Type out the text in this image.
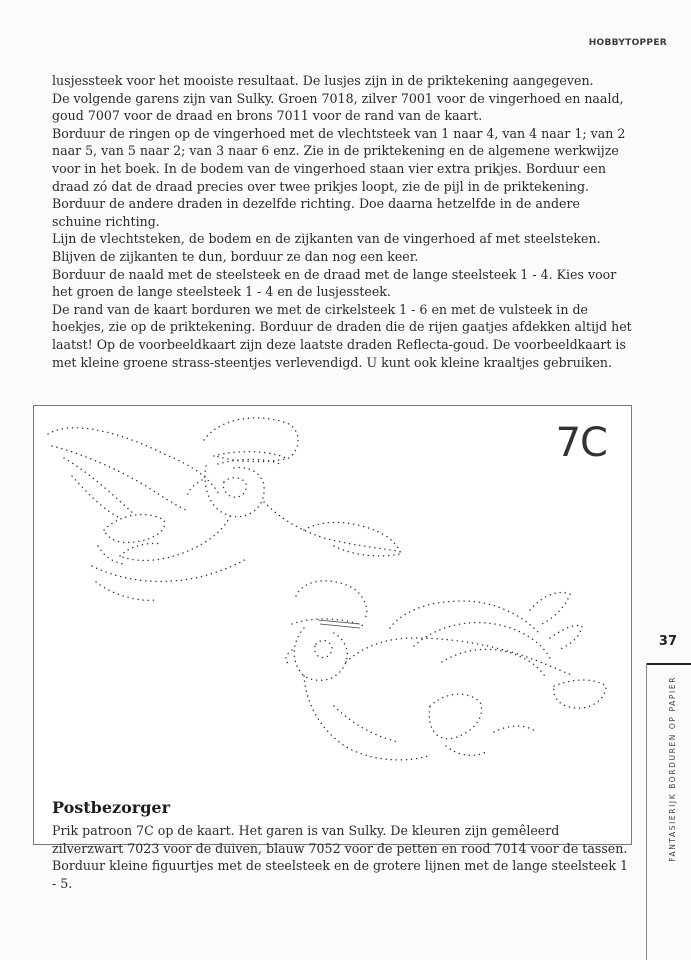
HOBBYTOPPER

lusjessteek voor het mooiste resultaat. De lusjes zijn in de priktekening aangegeven.

De volgende garens zijn van Sulky. Groen 7018, zilver 7001 voor de vingerhoed en naald, goud 7007 voor de draad en brons 7011 voor de rand van de kaart.

Borduur de ringen op de vingerhoed met de vlechtsteek van 1 naar 4, van 4 naar 1; van 2 naar 5, van 5 naar 2; van 3 naar 6 enz. Zie in de priktekening en de algemene werkwijze voor in het boek. In de bodem van de vingerhoed staan vier extra prikjes. Borduur een draad zó dat de draad precies over twee prikjes loopt, zie de pijl in de priktekening.

Borduur de andere draden in dezelfde richting. Doe daarna hetzelfde in de andere schuine richting.

Lijn de vlechtsteken, de bodem en de zijkanten van de vingerhoed af met steelsteken.

Blijven de zijkanten te dun, borduur ze dan nog een keer.

Borduur de naald met de steelsteek en de draad met de lange steelsteek 1 - 4. Kies voor het groen de lange steelsteek 1 - 4 en de lusjessteek.

De rand van de kaart borduren we met de cirkelsteek 1 - 6 en met de vulsteek in de hoekjes, zie op de priktekening. Borduur de draden die de rijen gaatjes afdekken altijd het laatst! Op de voorbeeldkaart zijn deze laatste draden Reflecta-goud. De voorbeeldkaart is met kleine groene strass-steentjes verlevendigd. U kunt ook kleine kraaltjes gebruiken.

7C
Postbezorger
Prik patroon 7C op de kaart. Het garen is van Sulky. De kleuren zijn gemêleerd zilverzwart 7023 voor de duiven, blauw 7052 voor de petten en rood 7014 voor de tassen. Borduur kleine figuurtjes met de steelsteek en de grotere lijnen met de lange steelsteek 1 - 5.
37
FANTASIERIJK BORDUREN OP PAPIER
